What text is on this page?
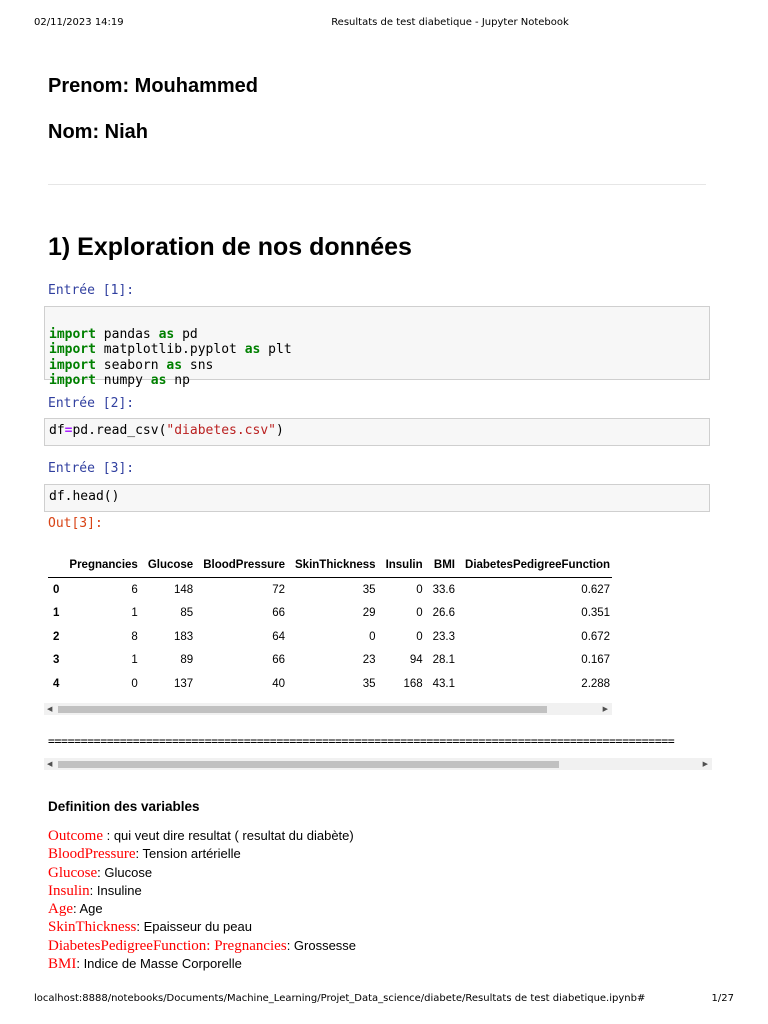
02/11/2023 14:19	Resultats de test diabetique - Jupyter Notebook
Prenom: Mouhammed
Nom: Niah
1) Exploration de nos données
Entrée [1]:

import pandas as pd
import matplotlib.pyplot as plt
import seaborn as sns
import numpy as np
Entrée [2]:
df=pd.read_csv("diabetes.csv")
Entrée [3]:
df.head()
Out[3]:
	Pregnancies	Glucose	BloodPressure	SkinThickness	Insulin	BMI	DiabetesPedigreeFunction
0	6	148	72	35	0	33.6	0.627
1	1	85	66	29	0	26.6	0.351
2	8	183	64	0	0	23.3	0.672
3	1	89	66	23	94	28.1	0.167
4	0	137	40	35	168	43.1	2.288
◀	▶
================================================================================================
◀	▶
Definition des variables
Outcome : qui veut dire resultat ( resultat du diabète)
BloodPressure: Tension artérielle
Glucose: Glucose
Insulin: Insuline
Age: Age
SkinThickness: Epaisseur du peau
DiabetesPedigreeFunction: Pregnancies: Grossesse
BMI: Indice de Masse Corporelle
localhost:8888/notebooks/Documents/Machine_Learning/Projet_Data_science/diabete/Resultats de test diabetique.ipynb#	1/27
